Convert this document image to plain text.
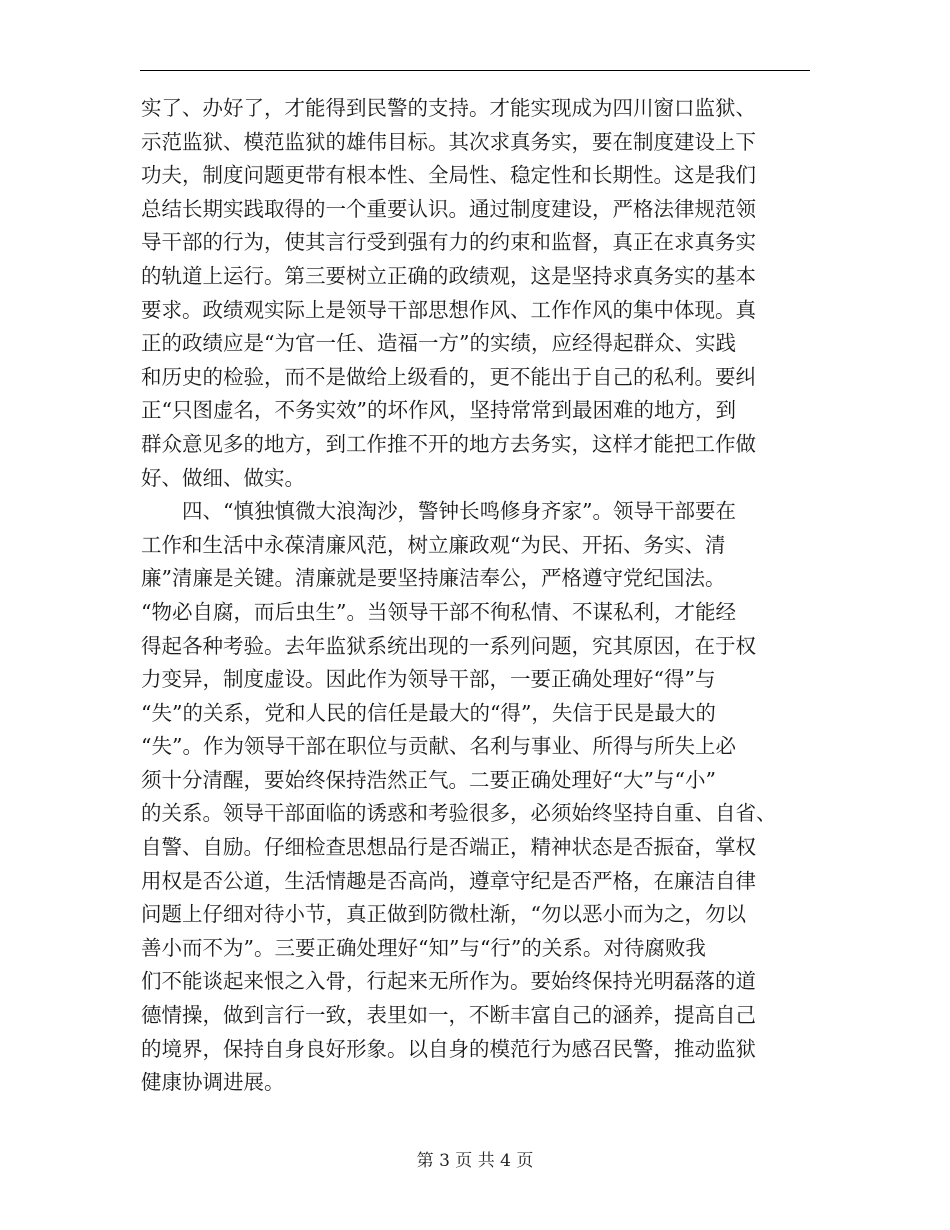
实了、办好了，才能得到民警的支持。才能实现成为四川窗口监狱、
示范监狱、模范监狱的雄伟目标。其次求真务实，要在制度建设上下
功夫，制度问题更带有根本性、全局性、稳定性和长期性。这是我们
总结长期实践取得的一个重要认识。通过制度建设，严格法律规范领
导干部的行为，使其言行受到强有力的约束和监督，真正在求真务实
的轨道上运行。第三要树立正确的政绩观，这是坚持求真务实的基本
要求。政绩观实际上是领导干部思想作风、工作作风的集中体现。真
正的政绩应是“为官一任、造福一方”的实绩，应经得起群众、实践
和历史的检验，而不是做给上级看的，更不能出于自己的私利。要纠
正“只图虚名，不务实效”的坏作风，坚持常常到最困难的地方，到
群众意见多的地方，到工作推不开的地方去务实，这样才能把工作做
好、做细、做实。
　　四、“慎独慎微大浪淘沙，警钟长鸣修身齐家”。领导干部要在
工作和生活中永葆清廉风范，树立廉政观“为民、开拓、务实、清
廉”清廉是关键。清廉就是要坚持廉洁奉公，严格遵守党纪国法。
“物必自腐，而后虫生”。当领导干部不徇私情、不谋私利，才能经
得起各种考验。去年监狱系统出现的一系列问题，究其原因，在于权
力变异，制度虚设。因此作为领导干部，一要正确处理好“得”与
“失”的关系，党和人民的信任是最大的“得”，失信于民是最大的
“失”。作为领导干部在职位与贡献、名利与事业、所得与所失上必
须十分清醒，要始终保持浩然正气。二要正确处理好“大”与“小”
的关系。领导干部面临的诱惑和考验很多，必须始终坚持自重、自省、
自警、自励。仔细检查思想品行是否端正，精神状态是否振奋，掌权
用权是否公道，生活情趣是否高尚，遵章守纪是否严格，在廉洁自律
问题上仔细对待小节，真正做到防微杜渐，“勿以恶小而为之，勿以
善小而不为”。三要正确处理好“知”与“行”的关系。对待腐败我
们不能谈起来恨之入骨，行起来无所作为。要始终保持光明磊落的道
德情操，做到言行一致，表里如一，不断丰富自己的涵养，提高自己
的境界，保持自身良好形象。以自身的模范行为感召民警，推动监狱
健康协调进展。
第 3 页 共 4 页
